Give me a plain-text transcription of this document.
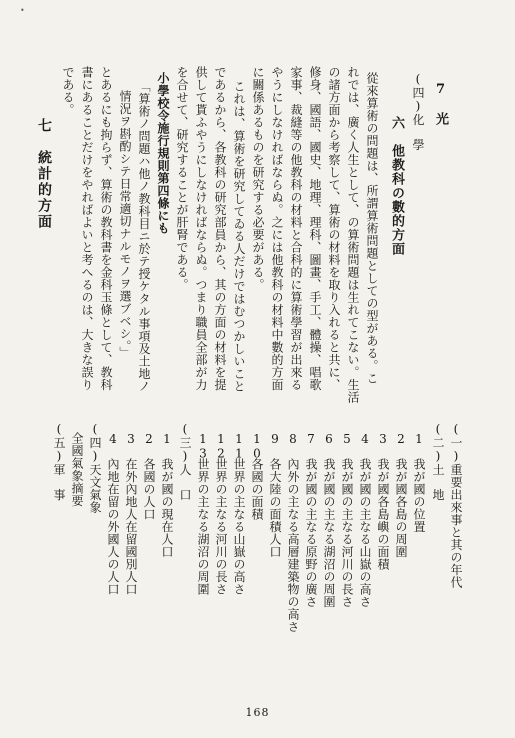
•
7　光
(四)化　學
六　他教科の數的方面
從來算術の問題は、所謂算術問題としての型がある。こ
れでは、廣く人生として、の算術問題は生れてこない。生活
の諸方面から考察して、算術の材料を取り入れると共に、
修身、國語、國史、地理、理科、圖畫、手工、體操、唱歌
家事、裁縫等の他教科の材料と合科的に算術學習が出來る
やうにしなければならぬ。之には他教科の材料中數的方面
に關係あるものを研究する必要がある。
これは、算術を研究してゐる人だけではむつかしいこと
であるから、各教科の研究部員から、其の方面の材料を提
供して貰ふやうにしなければならぬ。つまり職員全部が力
を合せて、研究することが肝腎である。
小學校令施行規則第四條にも
「算術ノ問題ハ他ノ教科目ニ於テ授ケタル事項及土地ノ
情況ヲ斟酌シテ日常適切ナルモノヲ選ブベシ。」
とあるにも拘らず、算術の教科書を金科玉條として、教科
書にあることだけをやればよいと考へるのは、大きな誤り
である。
七　統計的方面
(一)重要出來事と其の年代
(二)土　地
1
我が國の位置
2
我が國各島の周圍
3
我が國各島嶼の面積
4
我が國の主なる山嶽の高さ
5
我が國の主なる河川の長さ
6
我が國の主なる湖沼の周圍
7
我が國の主なる原野の廣さ
8
內外の主なる高層建築物の高さ
9
各大陸の面積人口
10
各國の面積
11
世界の主なる山嶽の高さ
12
世界の主なる河川の長さ
13
世界の主なる湖沼の周圍
(三)人　口
1
我が國の現在人口
2
各國の人口
3
在外內地人在留國別人口
4
內地在留の外國人の人口
(四)天文氣象
全國氣象摘要
(五)軍　事
168
